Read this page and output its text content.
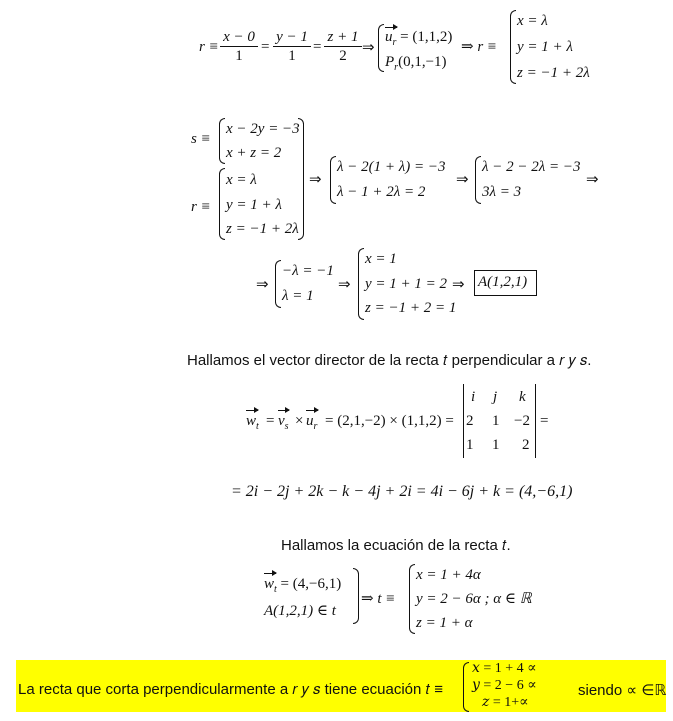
$r \equiv \frac{x - 0}{1} = \frac{y - 1}{1} = \frac{z + 1}{2}$ ⇒
$u_r = (1,1,2)$
$P_r(0,1,-1)$
⇒ r ≡
x = λ
y = 1 + λ
z = −1 + 2λ
s ≡
x − 2y = −3
x + z = 2
r ≡
x = λ
y = 1 + λ
z = −1 + 2λ
⇒
λ − 2(1 + λ) = −3
λ − 1 + 2λ = 2
⇒
λ − 2 − 2λ = −3
3λ = 3
⇒
⇒
−λ = −1
λ = 1
⇒
x = 1
y = 1 + 1 = 2
z = −1 + 2 = 1
⇒ A(1,2,1)
Hallamos el vector director de la recta 𝑡 perpendicular a 𝑟 𝑦 𝑠.
$w_t = v_s \times u_r = (2,1,-2) \times (1,1,2)$ =
i j k
2 1 −2
1 1 2
=
= 2i − 2j + 2k − k − 4j + 2i = 4i − 6j + k = (4,−6,1)
Hallamos la ecuación de la recta 𝑡.
$w_t = (4,-6,1)$
A(1,2,1) ∈ t
⇒ t ≡
x = 1 + 4α
y = 2 − 6α ; α ∈ ℝ
z = 1 + α
La recta que corta perpendicularmente a 𝑟 𝑦 𝑠 tiene ecuación 𝑡 ≡
𝑥 = 1 + 4 ∝
𝑦 = 2 − 6 ∝
𝑧 = 1+∝
siendo ∝ ∈ℝ
